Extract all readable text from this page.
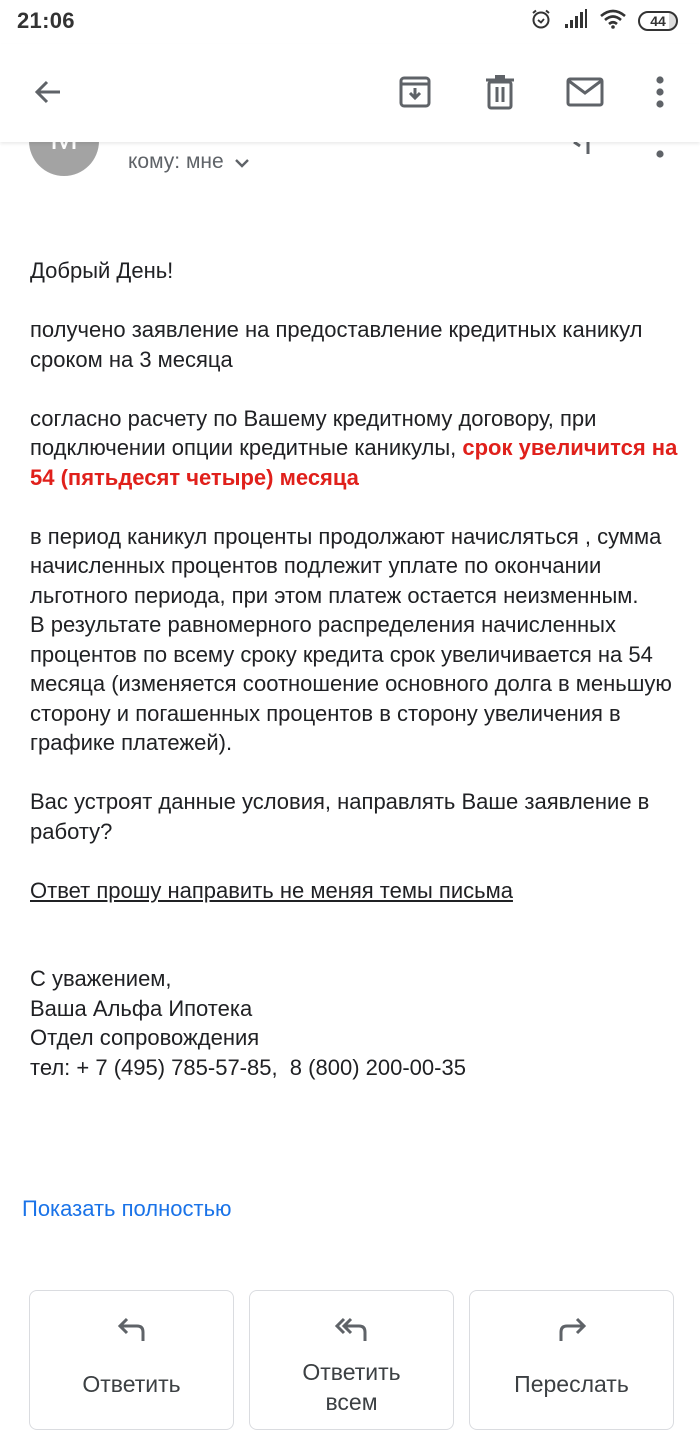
21:06	44
кому: мне

Добрый День!

получено заявление на предоставление кредитных каникул сроком на 3 месяца

согласно расчету по Вашему кредитному договору, при подключении опции кредитные каникулы, срок увеличится на 54 (пятьдесят четыре) месяца

в период каникул проценты продолжают начисляться , сумма начисленных процентов подлежит уплате по окончании льготного периода, при этом платеж остается неизменным.

В результате равномерного распределения начисленных процентов по всему сроку кредита срок увеличивается на 54 месяца (изменяется соотношение основного долга в меньшую сторону и погашенных процентов в сторону увеличения в графике платежей).

Вас устроят данные условия, направлять Ваше заявление в работу?

Ответ прошу направить не меняя темы письма

С уважением,
Ваша Альфа Ипотека
Отдел сопровождения
тел: + 7 (495) 785-57-85,  8 (800) 200-00-35
Показать полностью
Ответить	Ответить всем
Переслать
